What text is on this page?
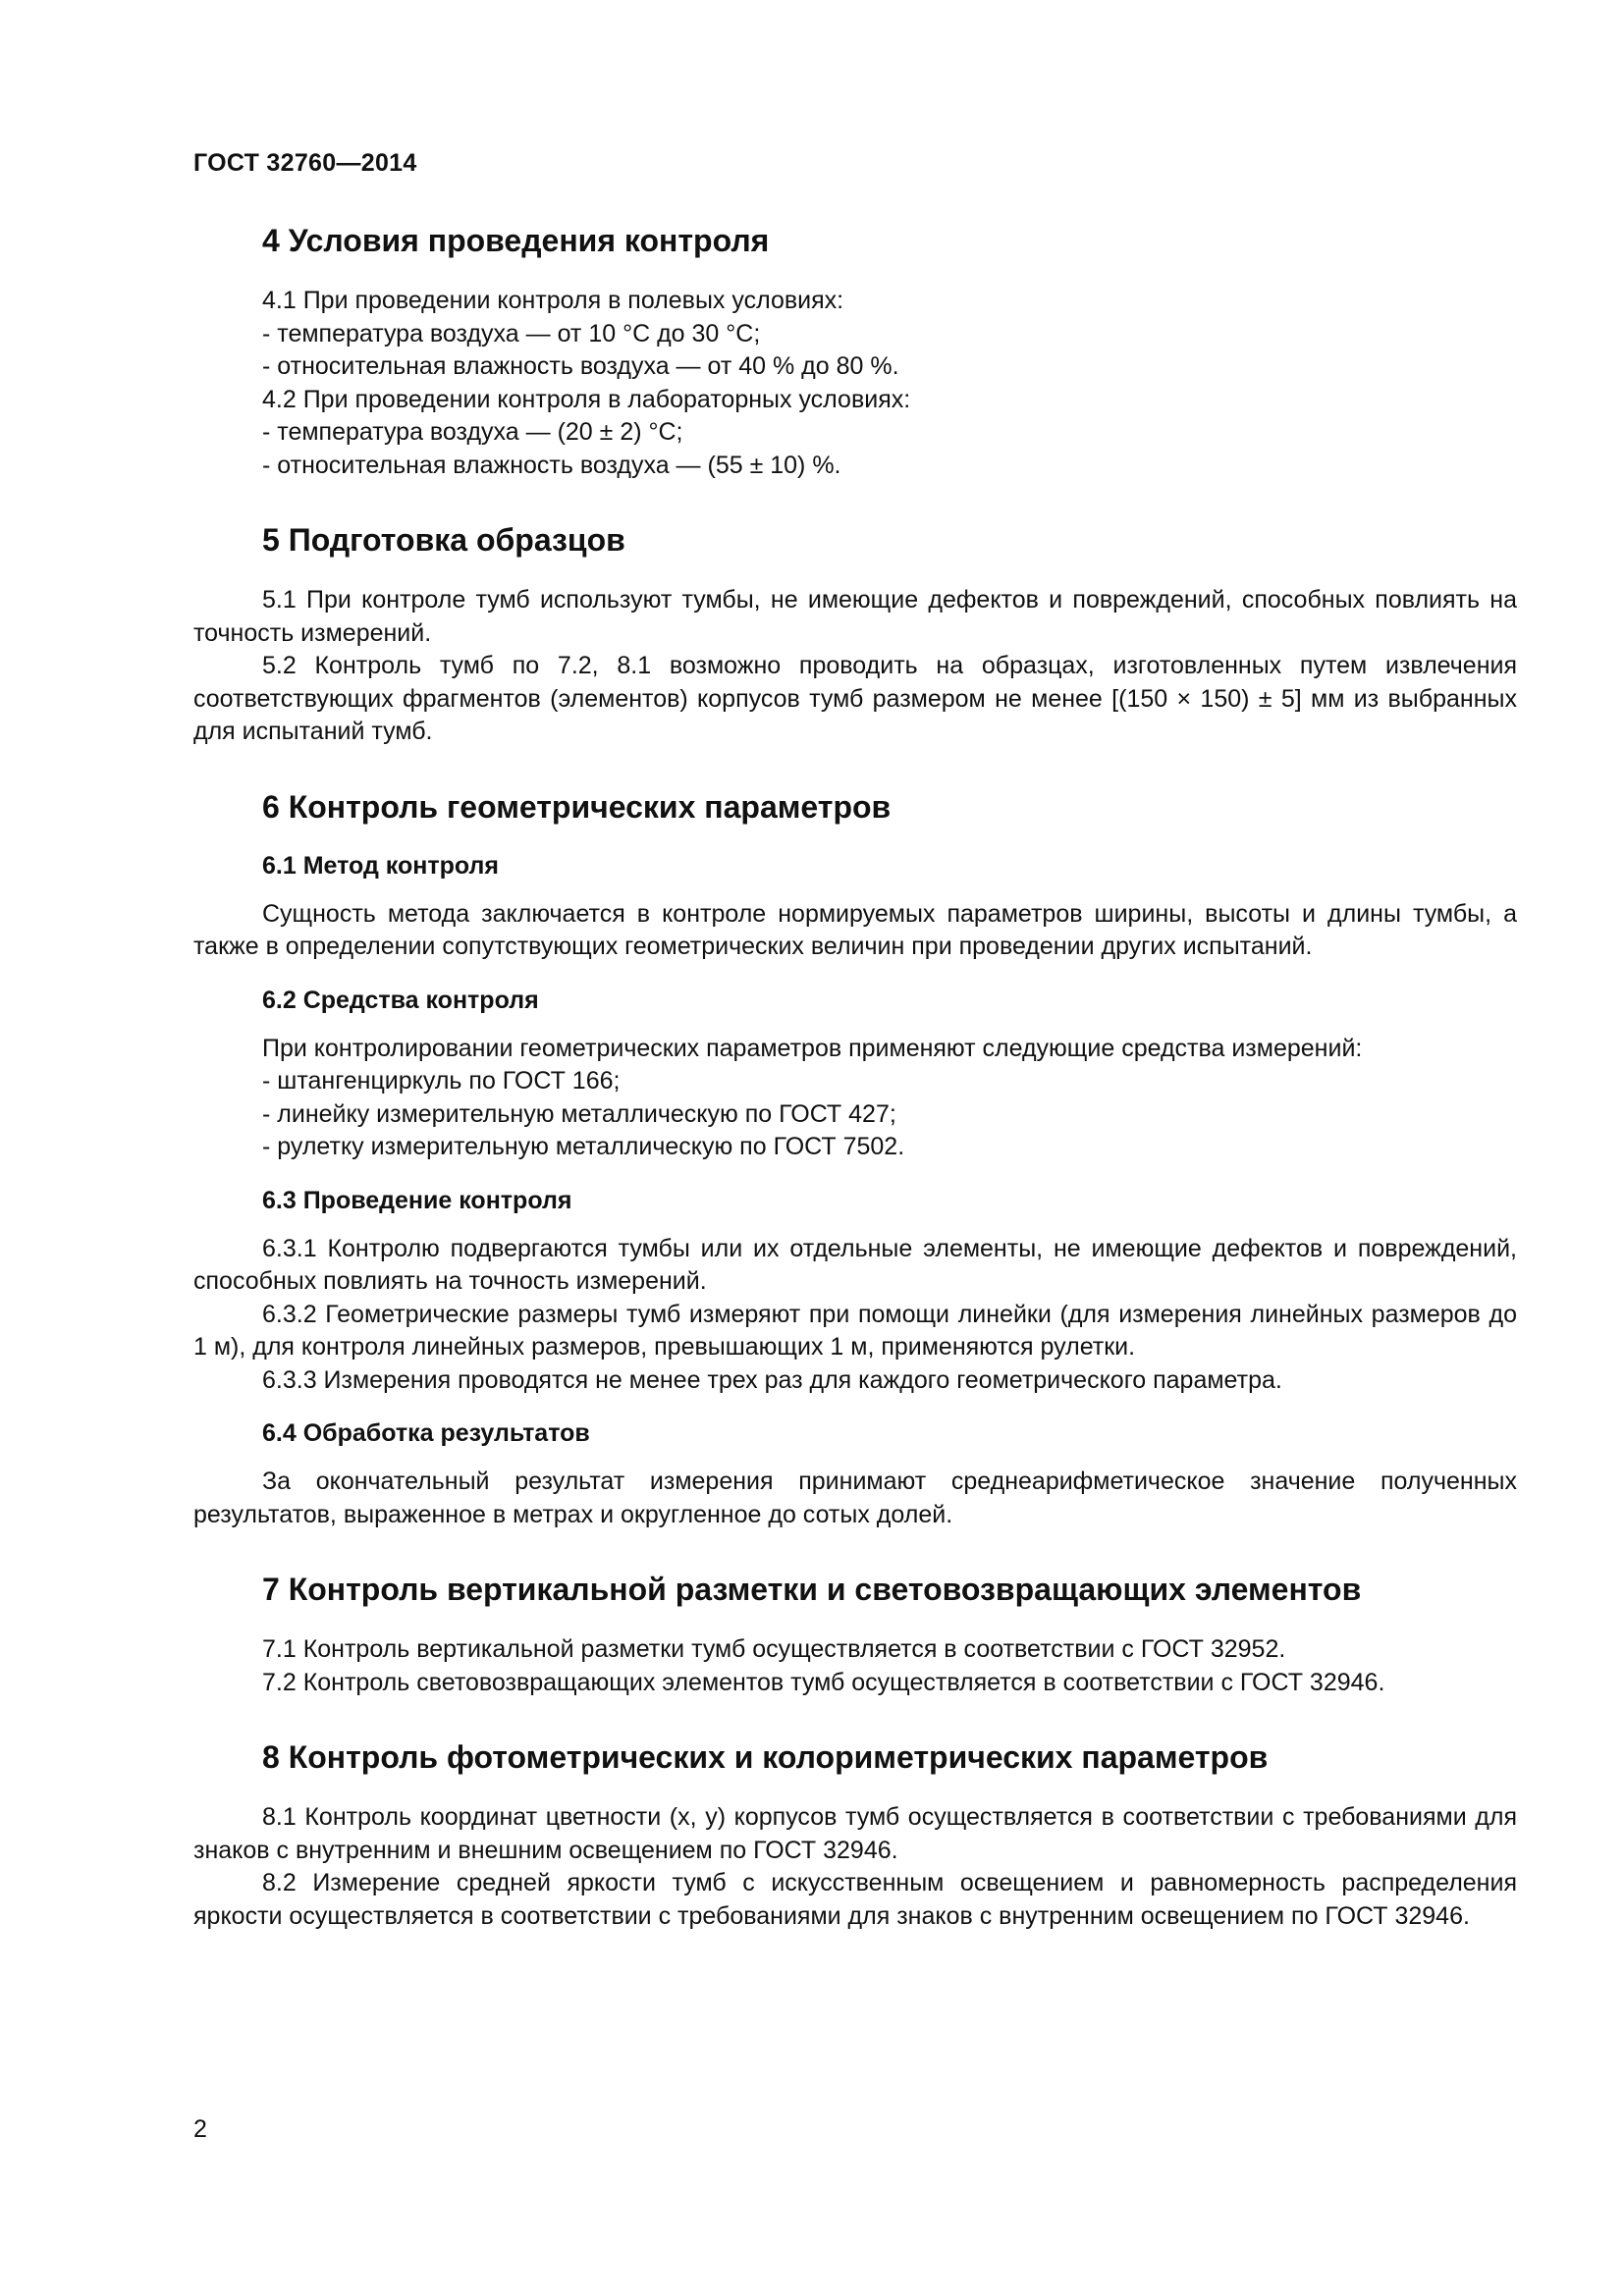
ГОСТ 32760—2014
4 Условия проведения контроля

4.1 При проведении контроля в полевых условиях:

- температура воздуха — от 10 °С до 30 °С;

- относительная влажность воздуха — от 40 % до 80 %.

4.2 При проведении контроля в лабораторных условиях:

- температура воздуха — (20 ± 2) °С;

- относительная влажность воздуха — (55 ± 10) %.

5 Подготовка образцов

5.1 При контроле тумб используют тумбы, не имеющие дефектов и повреждений, способных повлиять на точность измерений.

5.2 Контроль тумб по 7.2, 8.1 возможно проводить на образцах, изготовленных путем извлечения соответствующих фрагментов (элементов) корпусов тумб размером не менее [(150 × 150) ± 5] мм из выбранных для испытаний тумб.

6 Контроль геометрических параметров
6.1 Метод контроля

Сущность метода заключается в контроле нормируемых параметров ширины, высоты и длины тумбы, а также в определении сопутствующих геометрических величин при проведении других испытаний.

6.2 Средства контроля

При контролировании геометрических параметров применяют следующие средства измерений:

- штангенциркуль по ГОСТ 166;

- линейку измерительную металлическую по ГОСТ 427;

- рулетку измерительную металлическую по ГОСТ 7502.

6.3 Проведение контроля

6.3.1 Контролю подвергаются тумбы или их отдельные элементы, не имеющие дефектов и повреждений, способных повлиять на точность измерений.

6.3.2 Геометрические размеры тумб измеряют при помощи линейки (для измерения линейных размеров до 1 м), для контроля линейных размеров, превышающих 1 м, применяются рулетки.

6.3.3 Измерения проводятся не менее трех раз для каждого геометрического параметра.

6.4 Обработка результатов

За окончательный результат измерения принимают среднеарифметическое значение полученных результатов, выраженное в метрах и округленное до сотых долей.

7 Контроль вертикальной разметки и световозвращающих элементов

7.1 Контроль вертикальной разметки тумб осуществляется в соответствии с ГОСТ 32952.

7.2 Контроль световозвращающих элементов тумб осуществляется в соответствии с ГОСТ 32946.

8 Контроль фотометрических и колориметрических параметров

8.1 Контроль координат цветности (x, y) корпусов тумб осуществляется в соответствии с требованиями для знаков с внутренним и внешним освещением по ГОСТ 32946.

8.2 Измерение средней яркости тумб с искусственным освещением и равномерность распределения яркости осуществляется в соответствии с требованиями для знаков с внутренним освещением по ГОСТ 32946.

2
